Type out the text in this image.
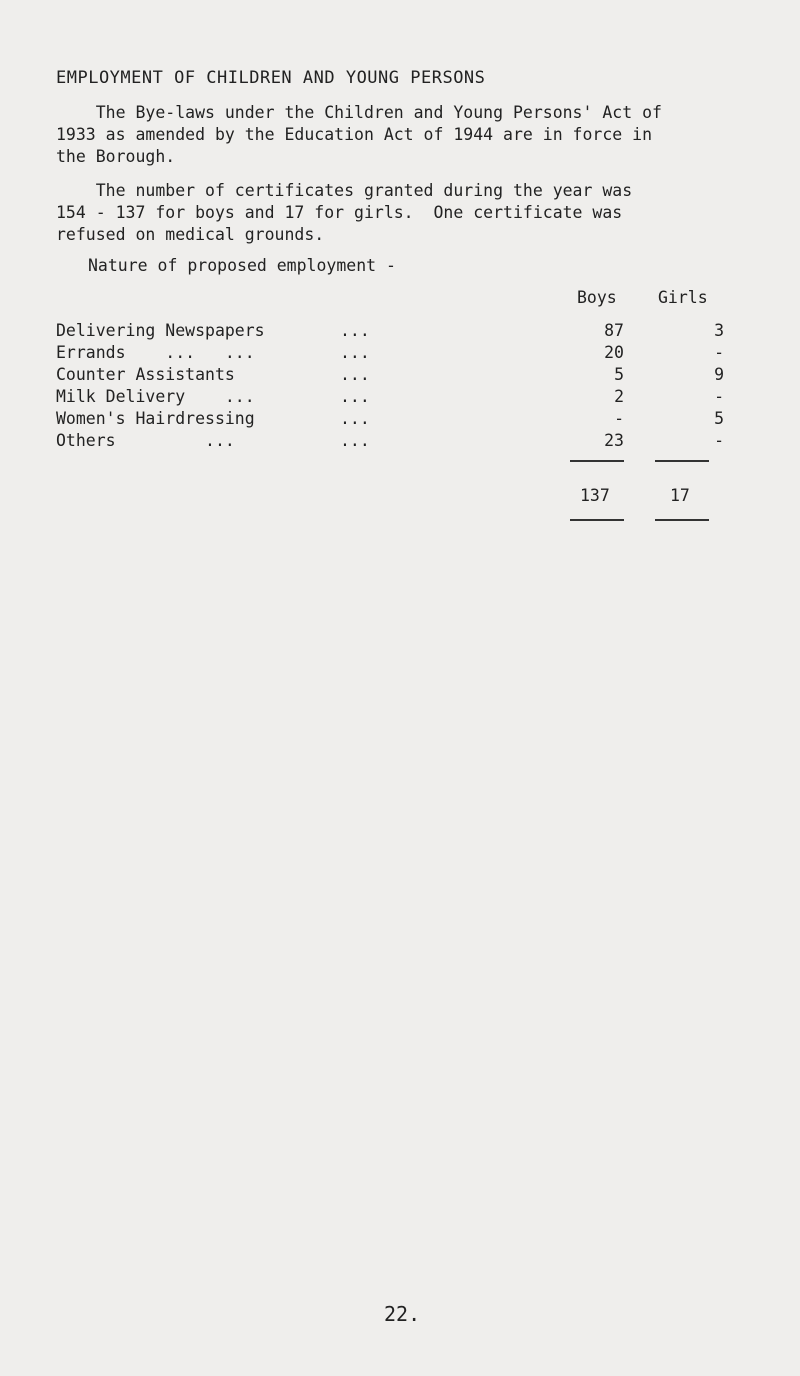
EMPLOYMENT OF CHILDREN AND YOUNG PERSONS
The Bye-laws under the Children and Young Persons' Act of
1933 as amended by the Education Act of 1944 are in force in
the Borough.
The number of certificates granted during the year was
154 - 137 for boys and 17 for girls.  One certificate was
refused on medical grounds.
Nature of proposed employment -
Boys	Girls
Delivering Newspapers	...	87	3
Errands    ...   ...	...	20	-
Counter Assistants	...	5	9
Milk Delivery    ...	...	2	-
Women's Hairdressing	...	-	5
Others         ...	...	23	-
137	17
22.
